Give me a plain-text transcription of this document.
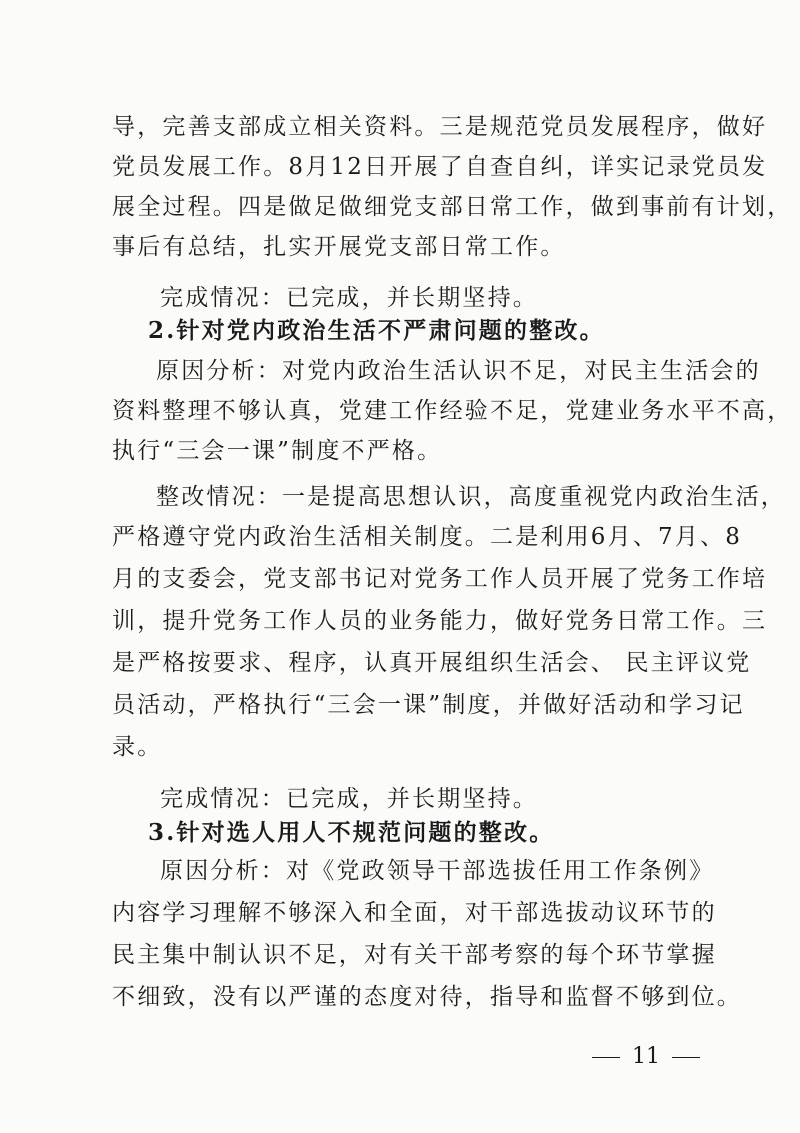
导，完善支部成立相关资料。三是规范党员发展程序，做好
党员发展工作。8月12日开展了自查自纠，详实记录党员发
展全过程。四是做足做细党支部日常工作，做到事前有计划，
事后有总结，扎实开展党支部日常工作。
完成情况：已完成，并长期坚持。
2.针对党内政治生活不严肃问题的整改。
原因分析：对党内政治生活认识不足，对民主生活会的
资料整理不够认真，党建工作经验不足，党建业务水平不高，
执行“三会一课”制度不严格。
整改情况：一是提高思想认识，高度重视党内政治生活，
严格遵守党内政治生活相关制度。二是利用6月、7月、8
月的支委会，党支部书记对党务工作人员开展了党务工作培
训，提升党务工作人员的业务能力，做好党务日常工作。三
是严格按要求、程序，认真开展组织生活会、 民主评议党
员活动，严格执行“三会一课”制度，并做好活动和学习记
录。
完成情况：已完成，并长期坚持。
3.针对选人用人不规范问题的整改。
原因分析：对《党政领导干部选拔任用工作条例》
内容学习理解不够深入和全面，对干部选拔动议环节的
民主集中制认识不足，对有关干部考察的每个环节掌握
不细致，没有以严谨的态度对待，指导和监督不够到位。
11
